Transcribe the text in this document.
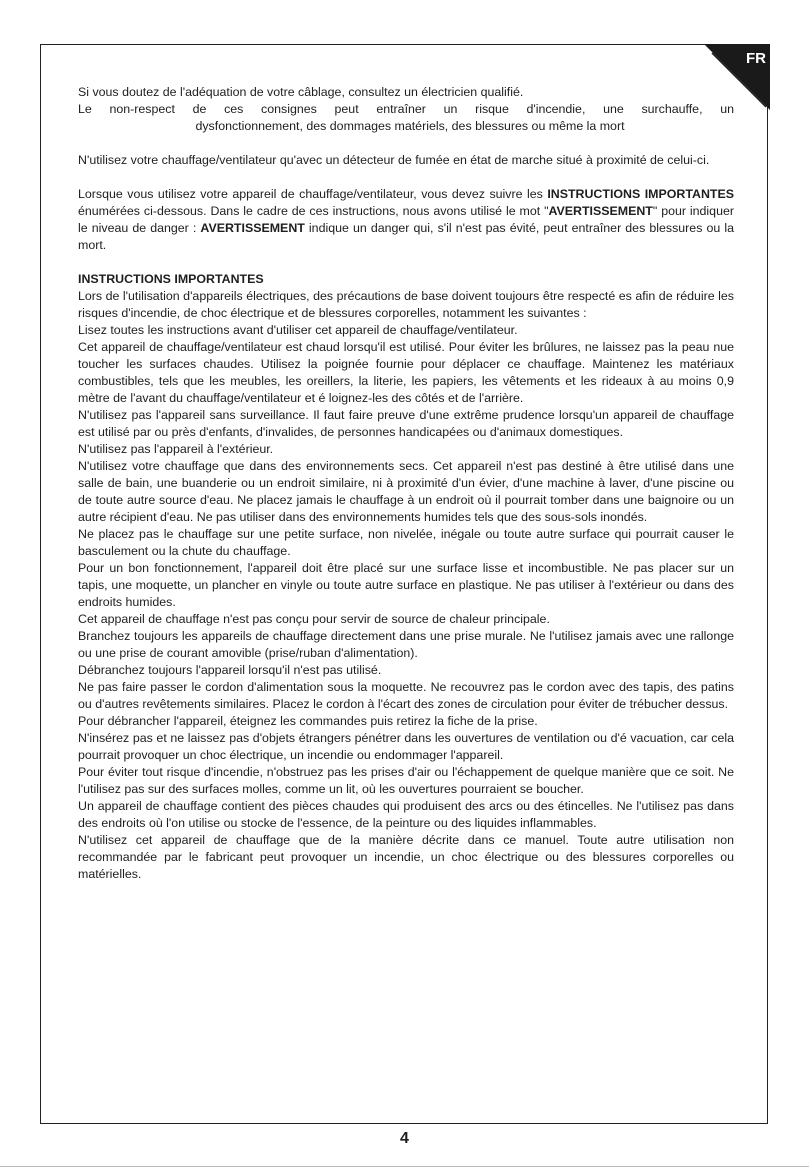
FR

Si vous doutez de l'adéquation de votre câblage, consultez un électricien qualifié.

Le non-respect de ces consignes peut entraîner un risque d'incendie, une surchauffe, un

dysfonctionnement, des dommages matériels, des blessures ou même la mort

N'utilisez votre chauffage/ventilateur qu'avec un détecteur de fumée en état de marche situé à proximité de celui-ci.

Lorsque vous utilisez votre appareil de chauffage/ventilateur, vous devez suivre les INSTRUCTIONS IMPORTANTES énumérées ci-dessous. Dans le cadre de ces instructions, nous avons utilisé le mot "AVERTISSEMENT" pour indiquer le niveau de danger : AVERTISSEMENT indique un danger qui, s'il n'est pas évité, peut entraîner des blessures ou la mort.

INSTRUCTIONS IMPORTANTES

Lors de l'utilisation d'appareils électriques, des précautions de base doivent toujours être respecté es afin de réduire les risques d'incendie, de choc électrique et de blessures corporelles, notamment les suivantes :

Lisez toutes les instructions avant d'utiliser cet appareil de chauffage/ventilateur.

Cet appareil de chauffage/ventilateur est chaud lorsqu'il est utilisé. Pour éviter les brûlures, ne laissez pas la peau nue toucher les surfaces chaudes. Utilisez la poignée fournie pour déplacer ce chauffage. Maintenez les matériaux combustibles, tels que les meubles, les oreillers, la literie, les papiers, les vêtements et les rideaux à au moins 0,9 mètre de l'avant du chauffage/ventilateur et é loignez-les des côtés et de l'arrière.

N'utilisez pas l'appareil sans surveillance. Il faut faire preuve d'une extrême prudence lorsqu'un appareil de chauffage est utilisé par ou près d'enfants, d'invalides, de personnes handicapées ou d'animaux domestiques.

N'utilisez pas l'appareil à l'extérieur.

N'utilisez votre chauffage que dans des environnements secs. Cet appareil n'est pas destiné à être utilisé dans une salle de bain, une buanderie ou un endroit similaire, ni à proximité d'un évier, d'une machine à laver, d'une piscine ou de toute autre source d'eau. Ne placez jamais le chauffage à un endroit où il pourrait tomber dans une baignoire ou un autre récipient d'eau. Ne pas utiliser dans des environnements humides tels que des sous-sols inondés.

Ne placez pas le chauffage sur une petite surface, non nivelée, inégale ou toute autre surface qui pourrait causer le basculement ou la chute du chauffage.

Pour un bon fonctionnement, l'appareil doit être placé sur une surface lisse et incombustible. Ne pas placer sur un tapis, une moquette, un plancher en vinyle ou toute autre surface en plastique. Ne pas utiliser à l'extérieur ou dans des endroits humides.

Cet appareil de chauffage n'est pas conçu pour servir de source de chaleur principale.

Branchez toujours les appareils de chauffage directement dans une prise murale. Ne l'utilisez jamais avec une rallonge ou une prise de courant amovible (prise/ruban d'alimentation).

Débranchez toujours l'appareil lorsqu'il n'est pas utilisé.

Ne pas faire passer le cordon d'alimentation sous la moquette. Ne recouvrez pas le cordon avec des tapis, des patins ou d'autres revêtements similaires. Placez le cordon à l'écart des zones de circulation pour éviter de trébucher dessus.

Pour débrancher l'appareil, éteignez les commandes puis retirez la fiche de la prise.

N'insérez pas et ne laissez pas d'objets étrangers pénétrer dans les ouvertures de ventilation ou d'é vacuation, car cela pourrait provoquer un choc électrique, un incendie ou endommager l'appareil.

Pour éviter tout risque d'incendie, n'obstruez pas les prises d'air ou l'échappement de quelque manière que ce soit. Ne l'utilisez pas sur des surfaces molles, comme un lit, où les ouvertures pourraient se boucher.

Un appareil de chauffage contient des pièces chaudes qui produisent des arcs ou des étincelles. Ne l'utilisez pas dans des endroits où l'on utilise ou stocke de l'essence, de la peinture ou des liquides inflammables.

N'utilisez cet appareil de chauffage que de la manière décrite dans ce manuel. Toute autre utilisation non recommandée par le fabricant peut provoquer un incendie, un choc électrique ou des blessures corporelles ou matérielles.

4
